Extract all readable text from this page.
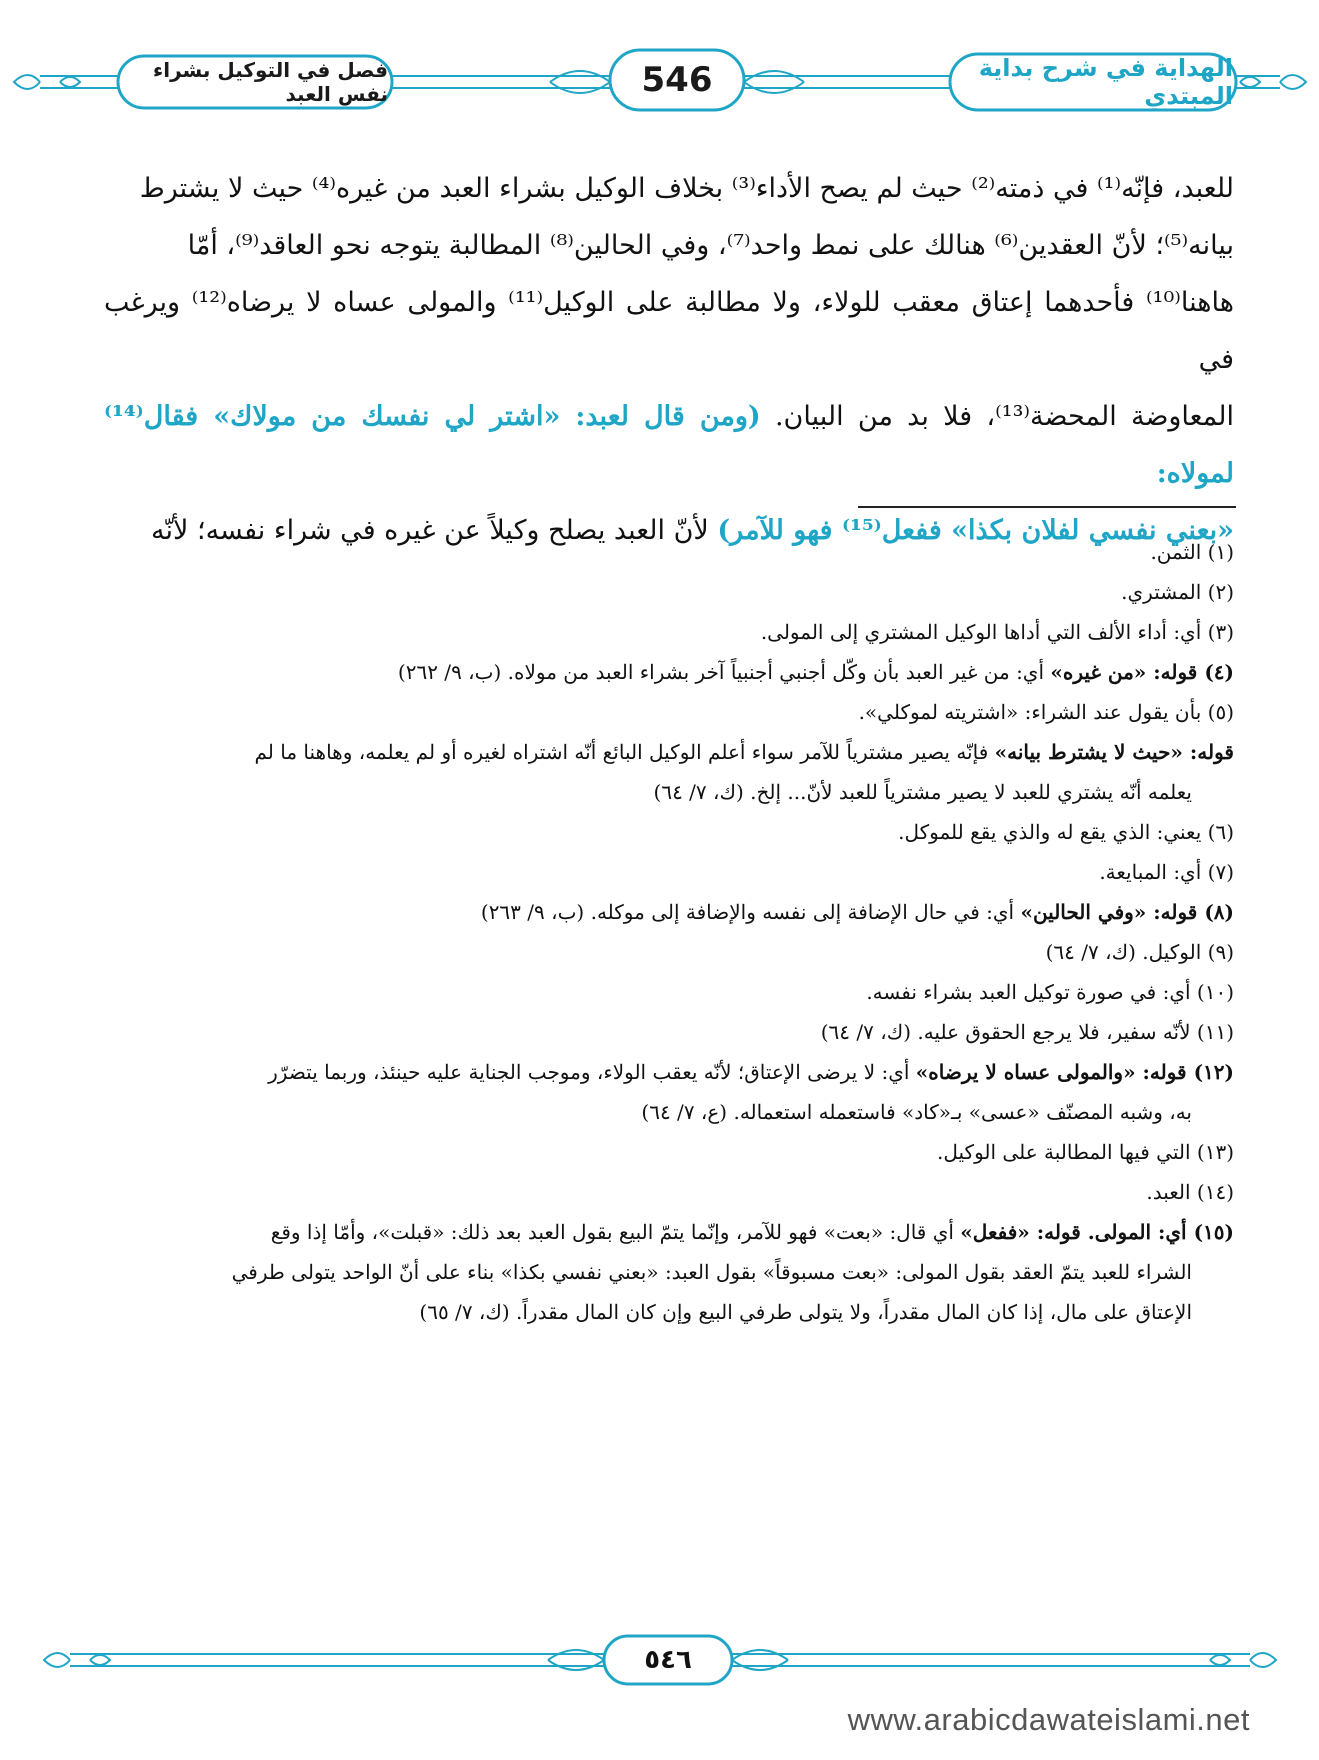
الهداية في شرح بداية المبتدي
546
فصل في التوكيل بشراء نفس العبد
للعبد، فإنّه⁽¹⁾ في ذمته⁽²⁾ حيث لم يصح الأداء⁽³⁾ بخلاف الوكيل بشراء العبد من غيره⁽⁴⁾ حيث لا يشترط
بيانه⁽⁵⁾؛ لأنّ العقدين⁽⁶⁾ هنالك على نمط واحد⁽⁷⁾، وفي الحالين⁽⁸⁾ المطالبة يتوجه نحو العاقد⁽⁹⁾، أمّا
هاهنا⁽¹⁰⁾ فأحدهما إعتاق معقب للولاء، ولا مطالبة على الوكيل⁽¹¹⁾ والمولى عساه لا يرضاه⁽¹²⁾ ويرغب في
المعاوضة المحضة⁽¹³⁾، فلا بد من البيان. (ومن قال لعبد: «اشتر لي نفسك من مولاك» فقال⁽¹⁴⁾ لمولاه:
«بعني نفسي لفلان بكذا» ففعل⁽¹⁵⁾ فهو للآمر) لأنّ العبد يصلح وكيلاً عن غيره في شراء نفسه؛ لأنّه
(١) الثمن.
(٢) المشتري.
(٣) أي: أداء الألف التي أداها الوكيل المشتري إلى المولى.
(٤) قوله: «من غيره» أي: من غير العبد بأن وكّل أجنبي أجنبياً آخر بشراء العبد من مولاه. (ب، ٩/ ٢٦٢)
(٥) بأن يقول عند الشراء: «اشتريته لموكلي».
قوله: «حيث لا يشترط بيانه» فإنّه يصير مشترياً للآمر سواء أعلم الوكيل البائع أنّه اشتراه لغيره أو لم يعلمه، وهاهنا ما لم
يعلمه أنّه يشتري للعبد لا يصير مشترياً للعبد لأنّ... إلخ. (ك، ٧/ ٦٤)
(٦) يعني: الذي يقع له والذي يقع للموكل.
(٧) أي: المبايعة.
(٨) قوله: «وفي الحالين» أي: في حال الإضافة إلى نفسه والإضافة إلى موكله. (ب، ٩/ ٢٦٣)
(٩) الوكيل. (ك، ٧/ ٦٤)
(١٠) أي: في صورة توكيل العبد بشراء نفسه.
(١١) لأنّه سفير، فلا يرجع الحقوق عليه. (ك، ٧/ ٦٤)
(١٢) قوله: «والمولى عساه لا يرضاه» أي: لا يرضى الإعتاق؛ لأنّه يعقب الولاء، وموجب الجناية عليه حينئذ، وربما يتضرّر
به، وشبه المصنّف «عسى» بـ«كاد» فاستعمله استعماله. (ع، ٧/ ٦٤)
(١٣) التي فيها المطالبة على الوكيل.
(١٤) العبد.
(١٥) أي: المولى. قوله: «ففعل» أي قال: «بعت» فهو للآمر، وإنّما يتمّ البيع بقول العبد بعد ذلك: «قبلت»، وأمّا إذا وقع
الشراء للعبد يتمّ العقد بقول المولى: «بعت مسبوقاً» بقول العبد: «بعني نفسي بكذا» بناء على أنّ الواحد يتولى طرفي
الإعتاق على مال، إذا كان المال مقدراً، ولا يتولى طرفي البيع وإن كان المال مقدراً. (ك، ٧/ ٦٥)
٥٤٦
www.arabicdawateislami.net
